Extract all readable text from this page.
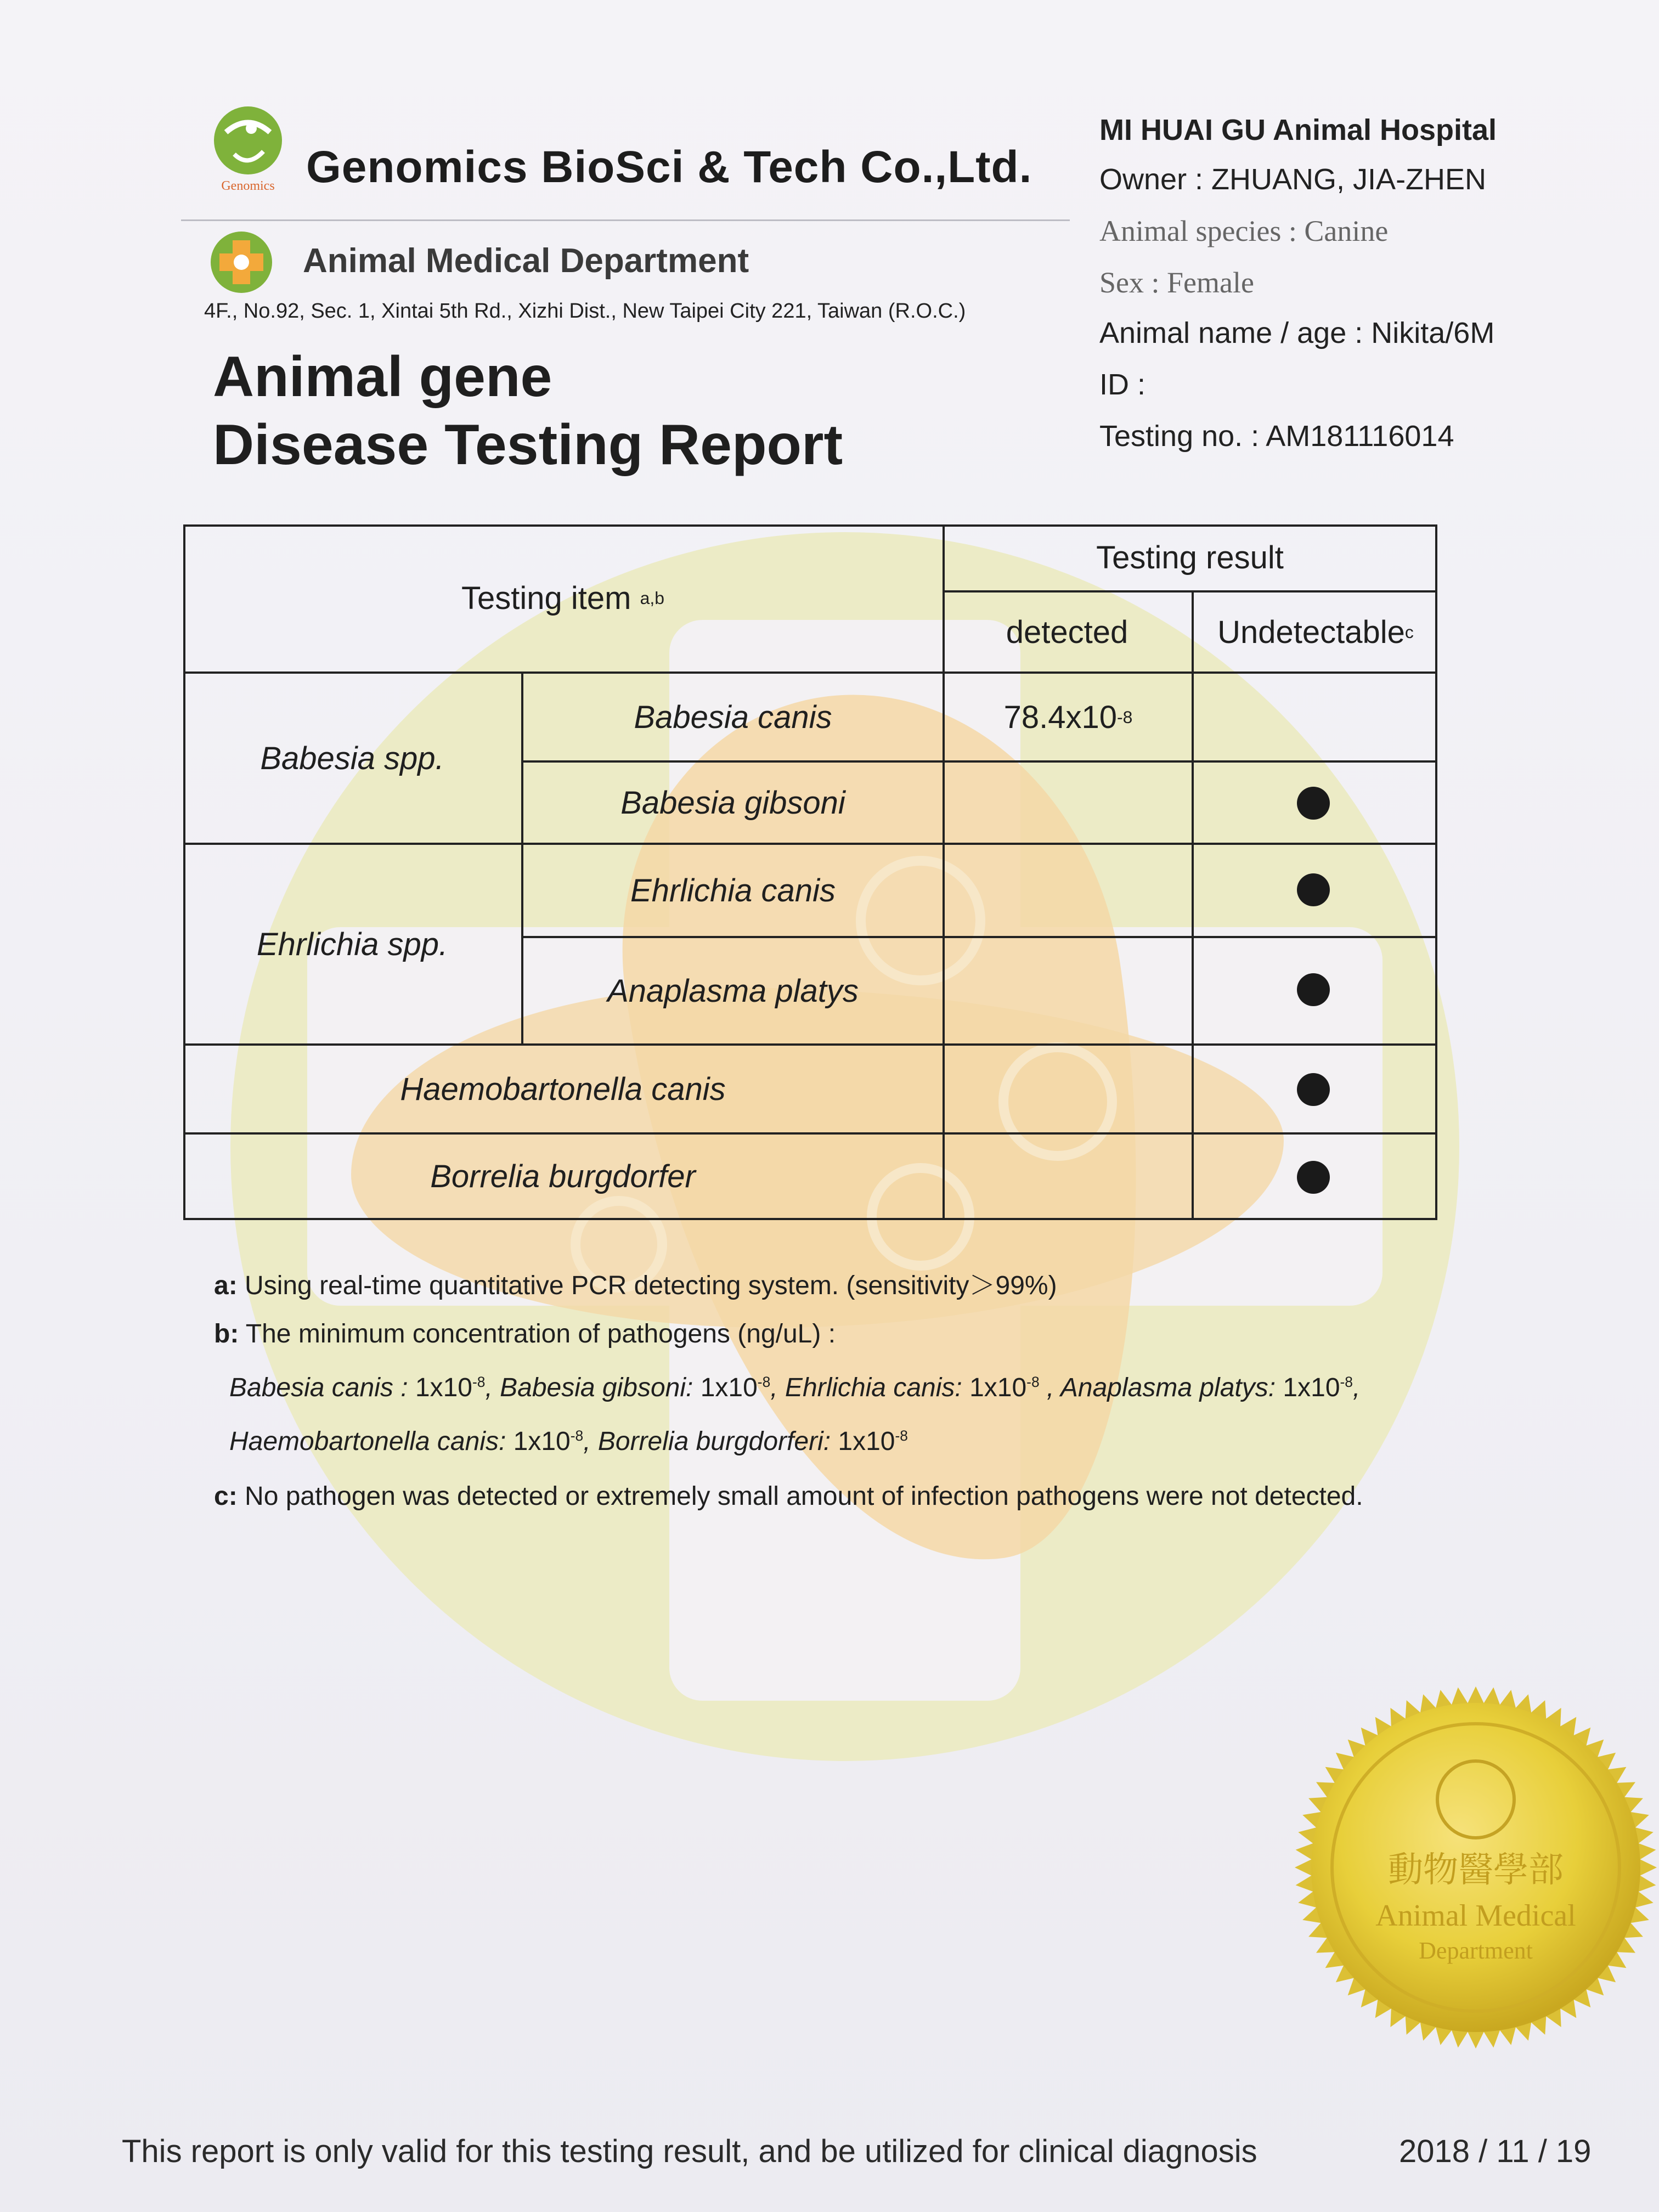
Genomics Genomics BioSci & Tech Co.,Ltd.
Animal Medical Department
4F., No.92, Sec. 1, Xintai 5th Rd., Xizhi Dist., New Taipei City 221, Taiwan (R.O.C.)
Animal gene
Disease Testing Report
MI HUAI GU Animal Hospital
Owner : ZHUANG, JIA-ZHEN
Animal species : Canine
Sex : Female
Animal name / age : Nikita/6M
ID :
Testing no. : AM181116014
Testing item
a,b
Testing result
detected	Undetectable c
Babesia spp.
Ehrlichia spp.
Babesia canis
Babesia gibsoni
Ehrlichia canis
Anaplasma platys
Haemobartonella canis
Borrelia burgdorfer
78.4x10 -8
a: Using real-time quantitative PCR detecting system. (sensitivity＞99%)
b: The minimum concentration of pathogens (ng/uL) :
Babesia canis : $1x10^{-8}$, Babesia gibsoni: $1x10^{-8}$, Ehrlichia canis: $1x10^{-8}$ , Anaplasma platys: $1x10^{-8}$,
Haemobartonella canis: $1x10^{-8}$, Borrelia burgdorferi: $1x10^{-8}$
c: No pathogen was detected or extremely small amount of infection pathogens were not detected.
動物醫學部
Animal Medical
Department
This report is only valid for this testing result, and be utilized for clinical diagnosis	2018 / 11 / 19
